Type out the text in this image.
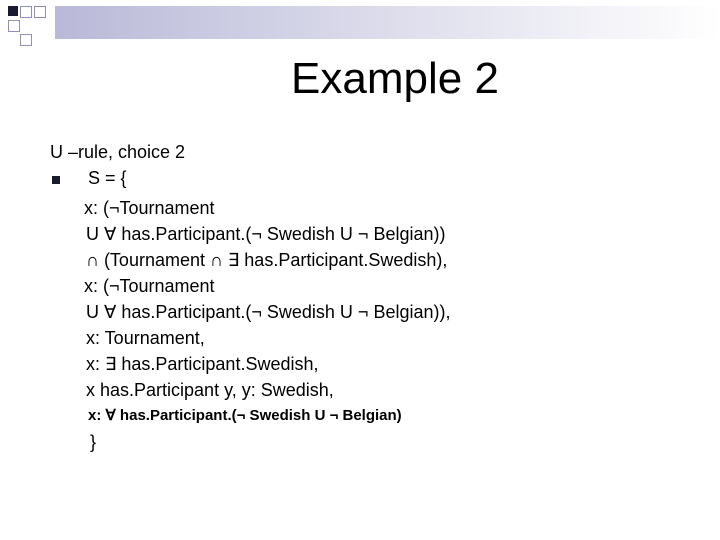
Example 2
U –rule, choice 2
S = {
x: (¬Tournament
U ∀ has.Participant.(¬ Swedish U ¬ Belgian))
∩ (Tournament ∩ ∃ has.Participant.Swedish),
x: (¬Tournament
U ∀ has.Participant.(¬ Swedish U ¬ Belgian)),
x: Tournament,
x: ∃ has.Participant.Swedish,
x has.Participant y, y: Swedish,
x: ∀ has.Participant.(¬ Swedish U ¬ Belgian)
}
